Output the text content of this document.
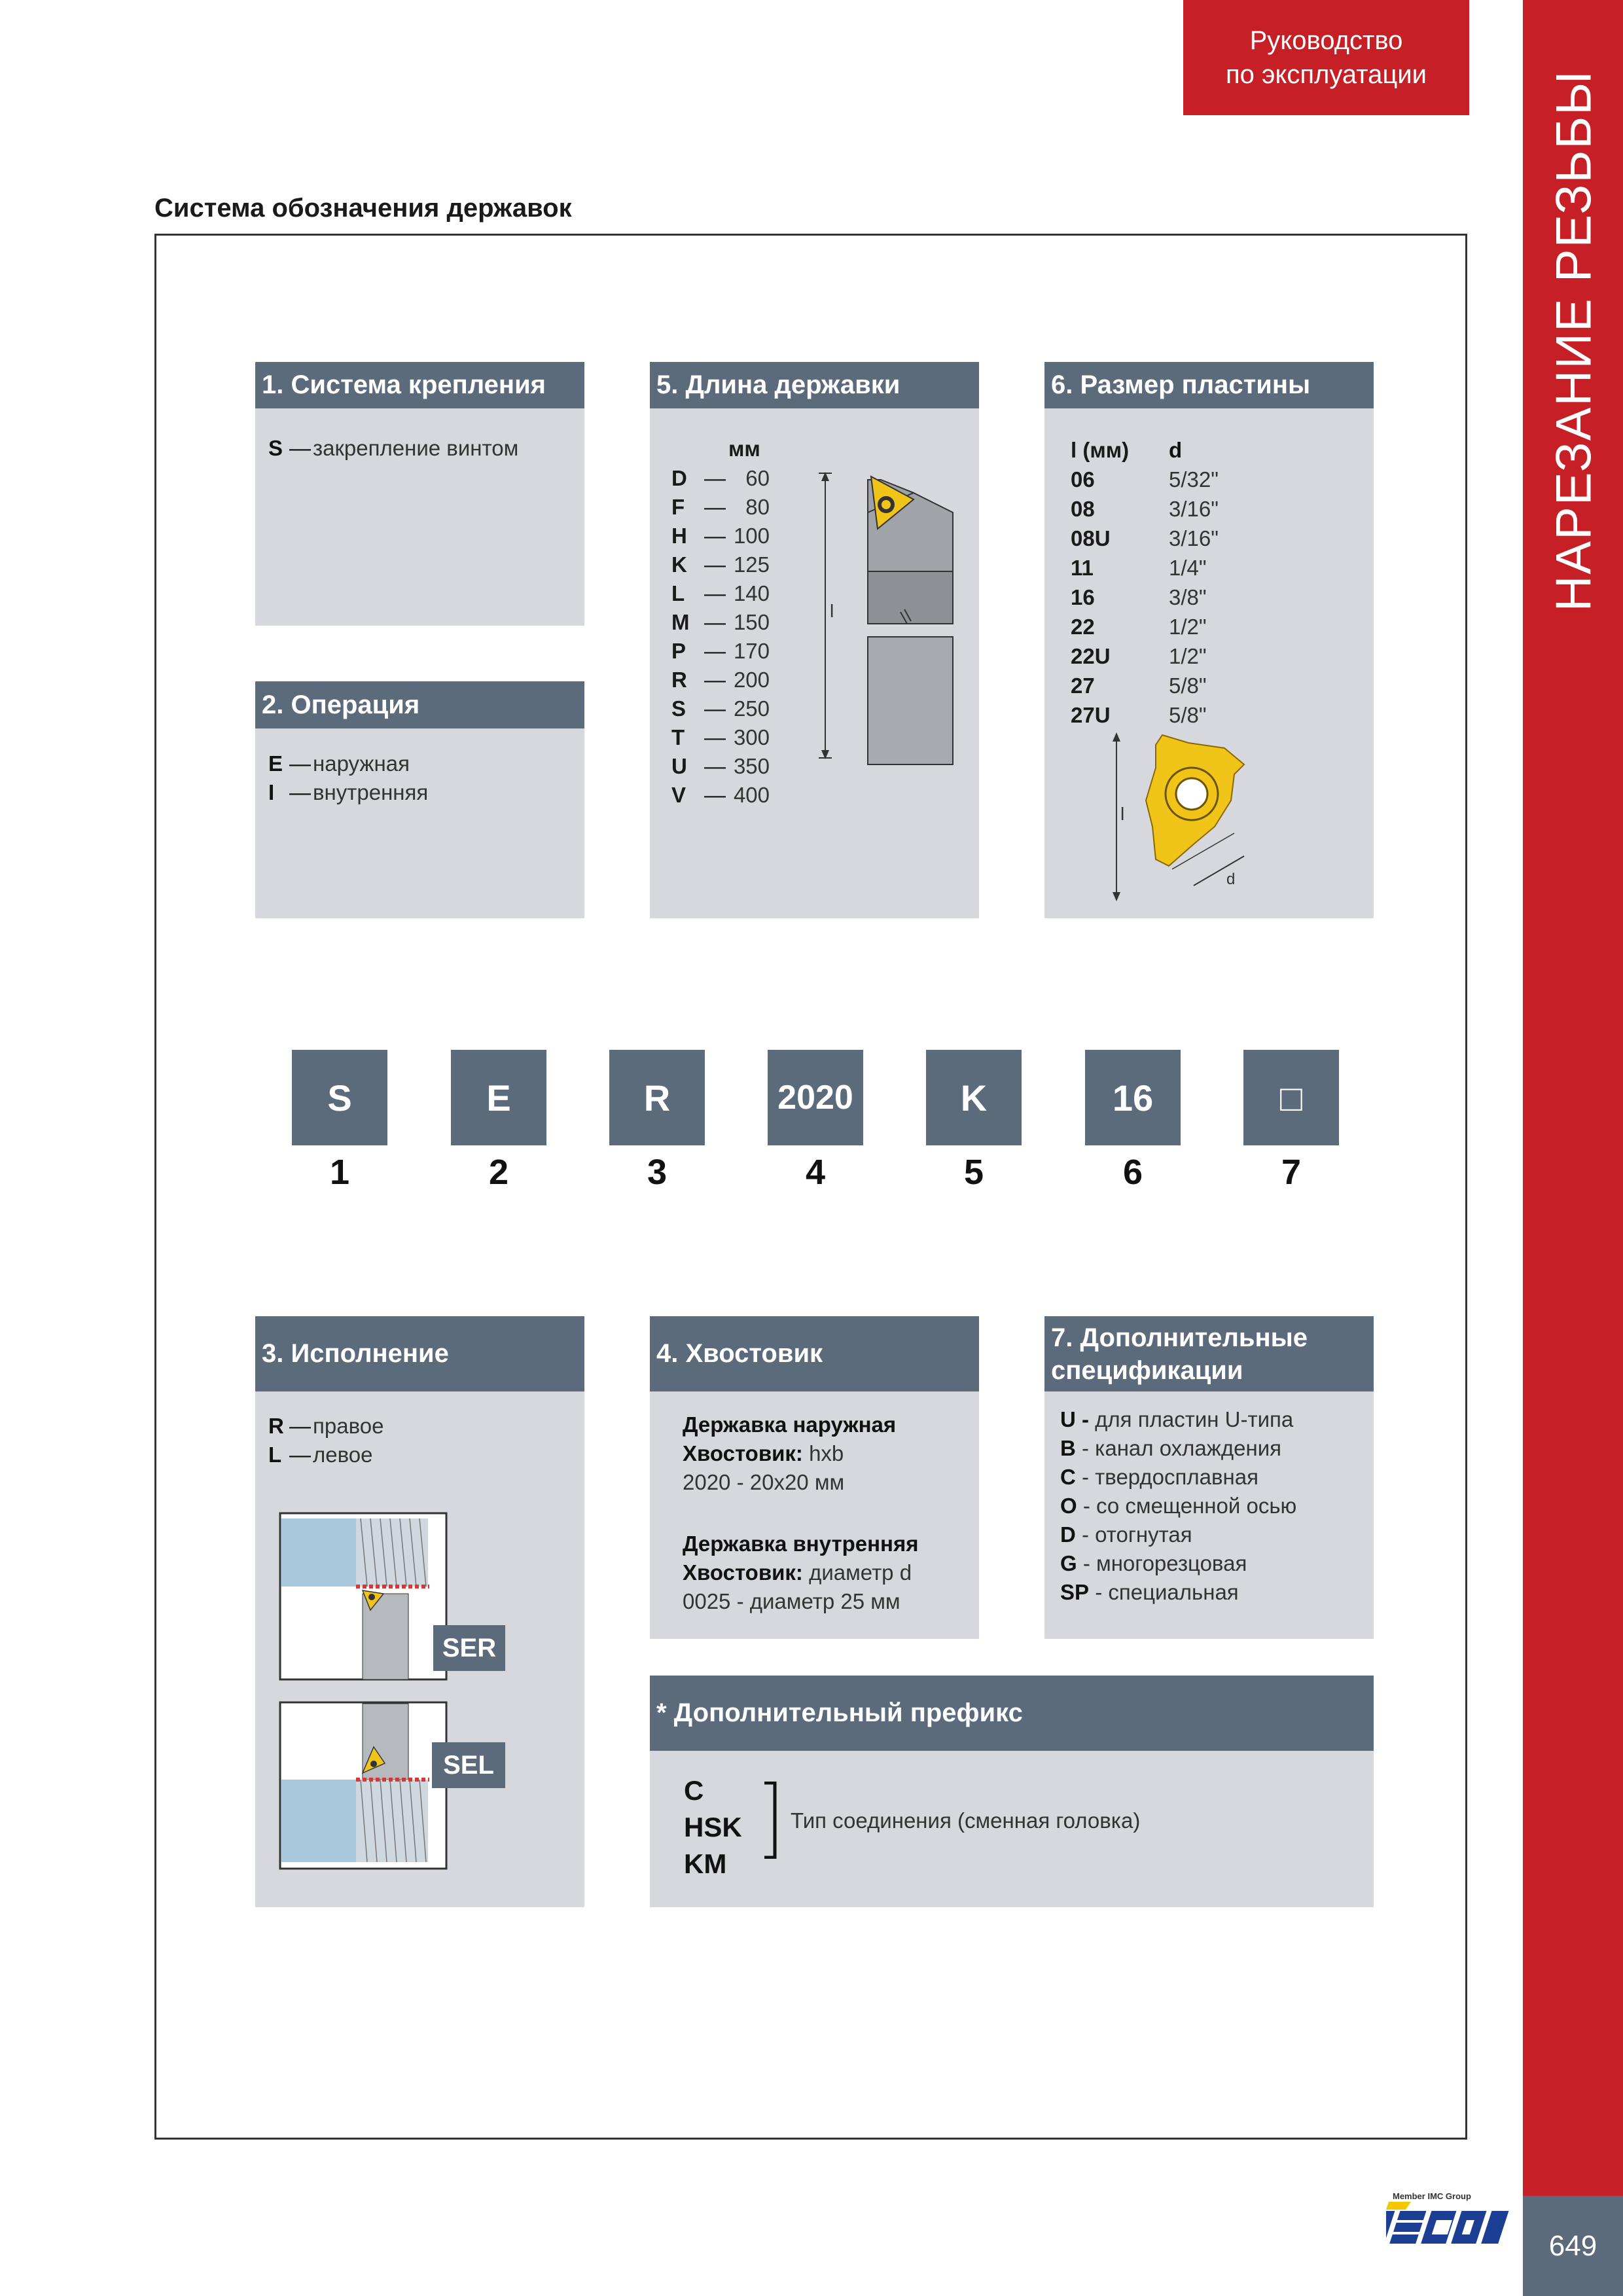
Руководство
по эксплуатации	НАРЕЗАНИЕ РЕЗЬБЫ
649
Member IMC Group
Система обозначения державок
1. Система крепления
S — закрепление винтом
2. Операция
E — наружная
I — внутренняя
5. Длина державки
мм
D — 60
F — 80
H — 100
K — 125
L — 140
M — 150
P — 170
R — 200
S — 250
T — 300
U — 350
V — 400
l
6. Размер пластины
l (мм)	d
06	5/32"
08	3/16"
08U	3/16"
11	1/4"
16	3/8"
22	1/2"
22U	1/2"
27	5/8"
27U	5/8"
l
d
S	E	R	2020	K	16	□
1	2	3	4	5	6	7
3. Исполнение
R — правое
L — левое
SER
SEL
4. Хвостовик
Державка наружная
Хвостовик: hxb
2020 - 20x20 мм
Державка внутренняя
Хвостовик: диаметр d
0025 - диаметр 25 мм
7. Дополнительные
спецификации
U - для пластин U-типа
B - канал охлаждения
C - твердосплавная
O - со смещенной осью
D - отогнутая
G - многорезцовая
SP - специальная
* Дополнительный префикс
C
HSK
KM
Тип соединения (сменная головка)
